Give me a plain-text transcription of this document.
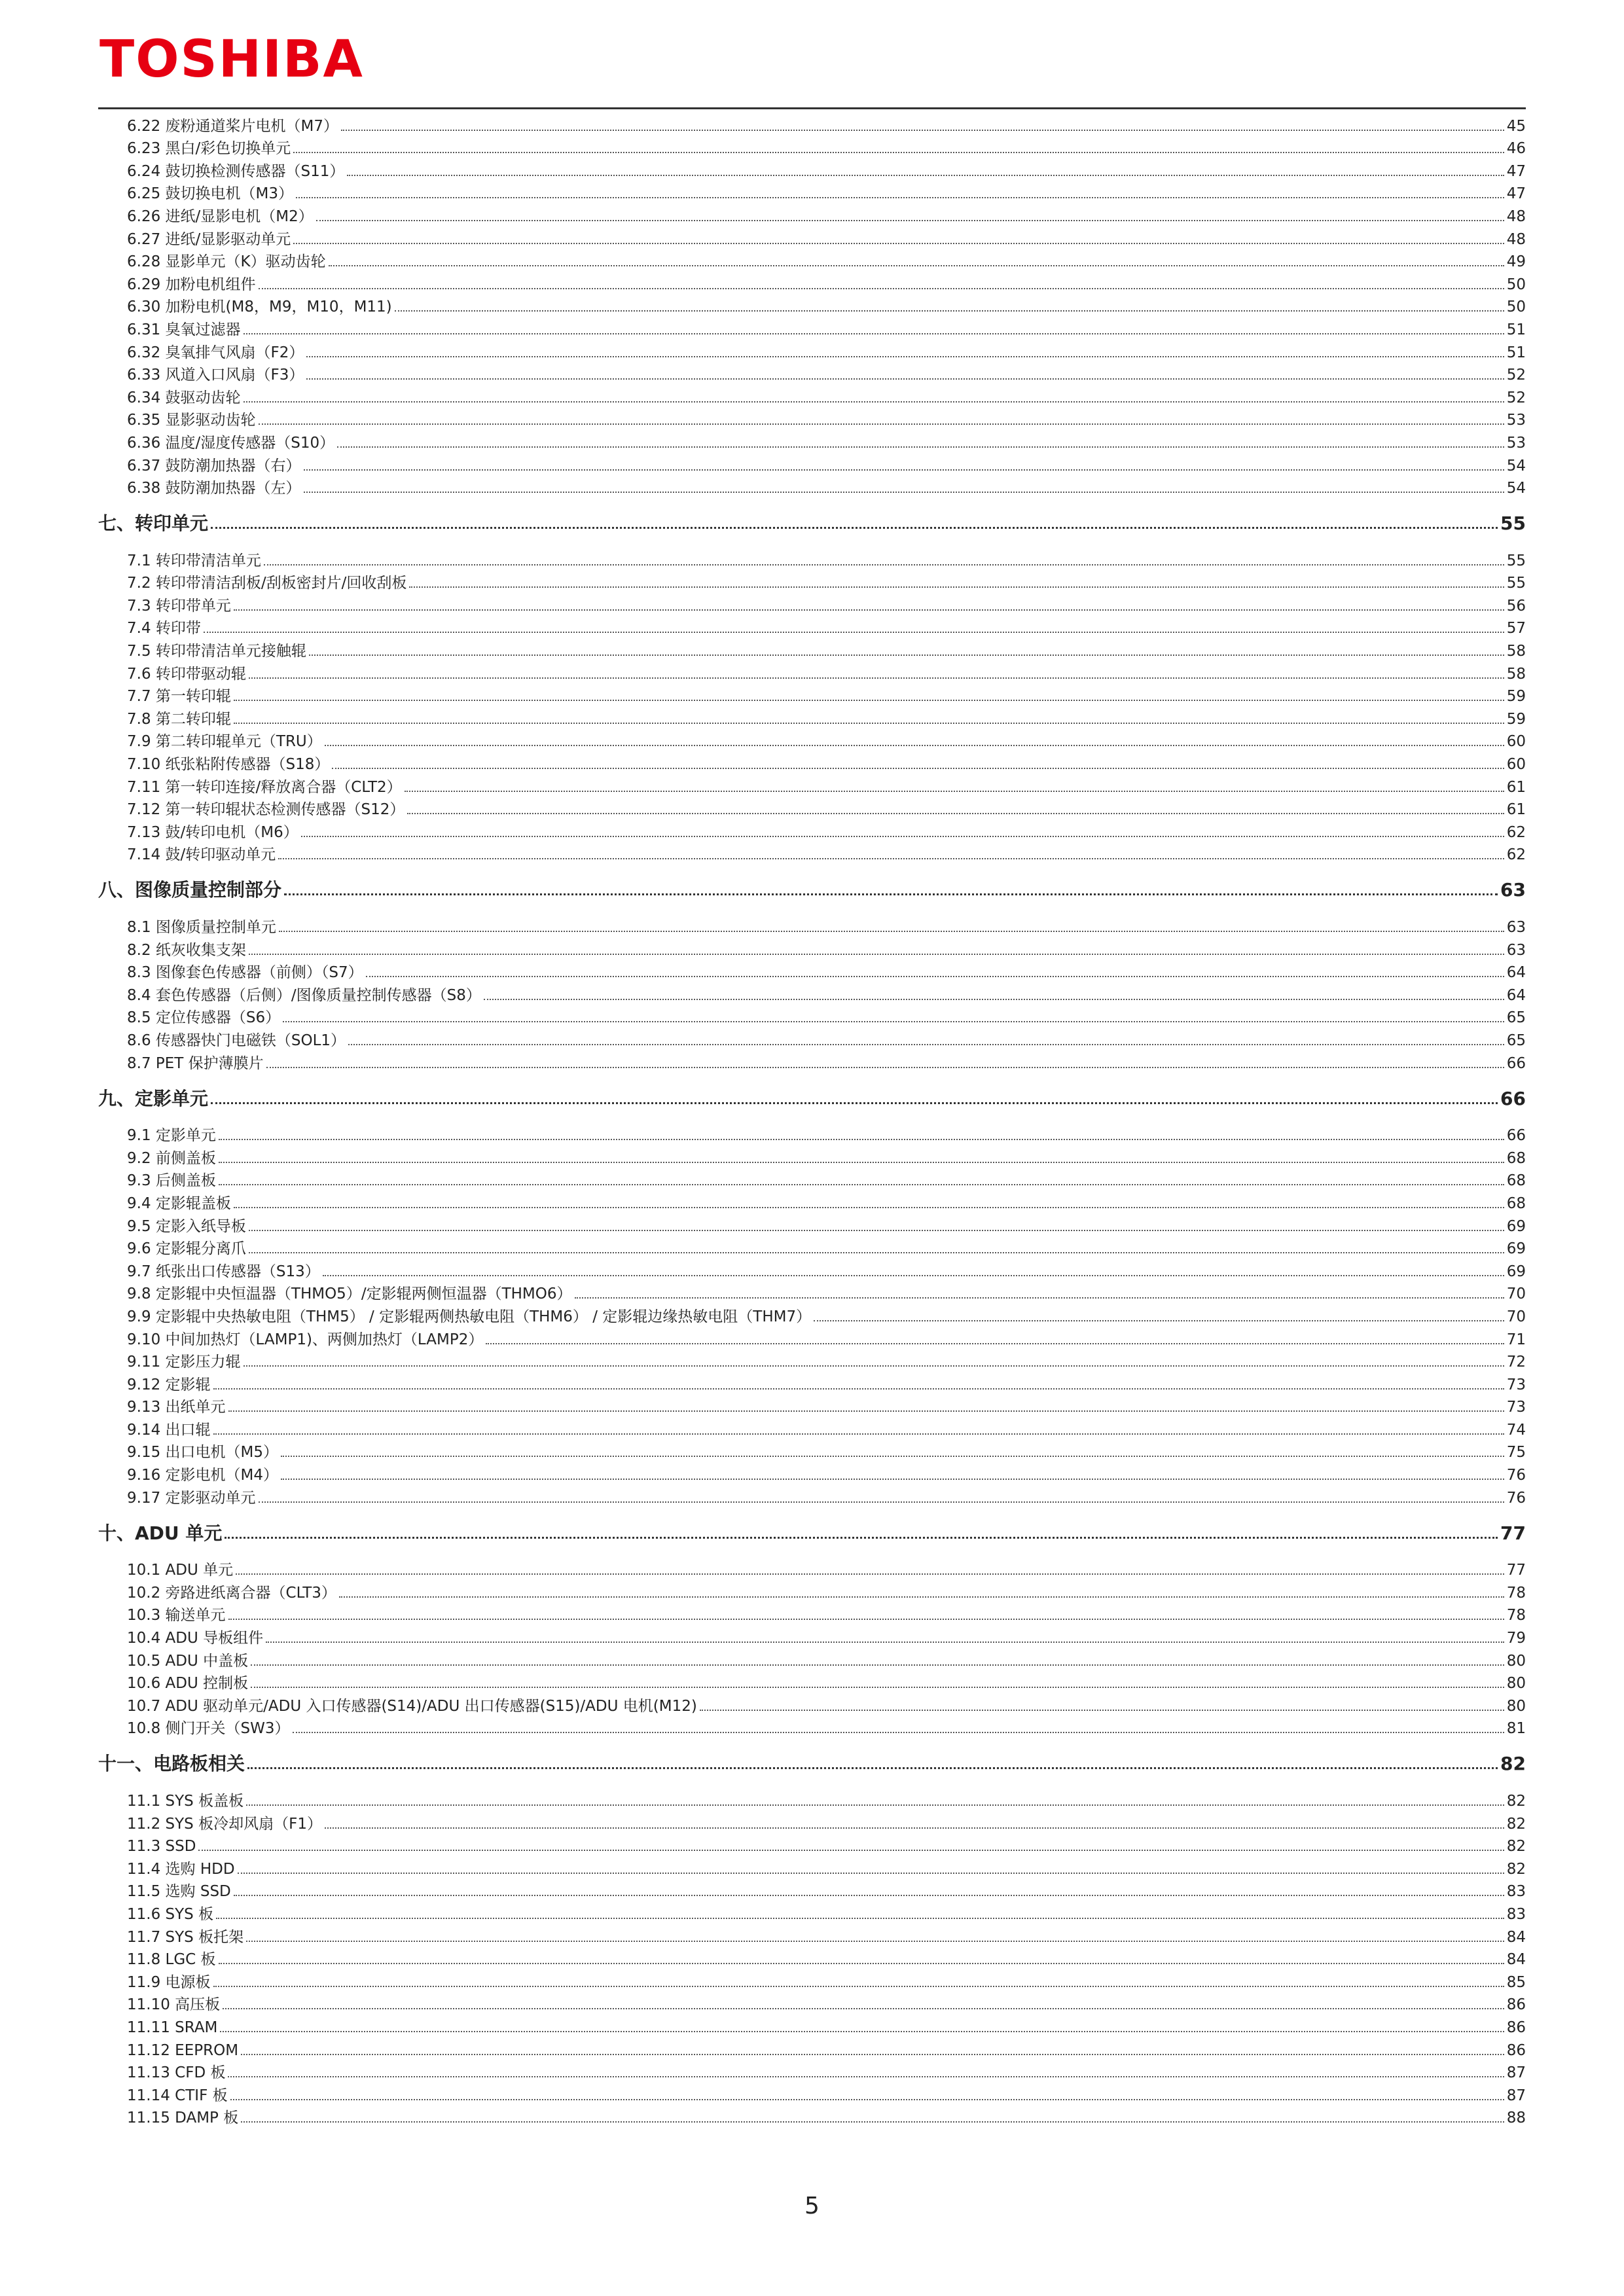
TOSHIBA
6.22 废粉通道桨片电机（M7）	45
6.23 黑白/彩色切换单元	46
6.24 鼓切换检测传感器（S11）	47
6.25 鼓切换电机（M3）	47
6.26 进纸/显影电机（M2）	48
6.27 进纸/显影驱动单元	48
6.28 显影单元（K）驱动齿轮	49
6.29 加粉电机组件	50
6.30 加粉电机(M8，M9，M10，M11)	50
6.31 臭氧过滤器	51
6.32 臭氧排气风扇（F2）	51
6.33 风道入口风扇（F3）	52
6.34 鼓驱动齿轮	52
6.35 显影驱动齿轮	53
6.36 温度/湿度传感器（S10）	53
6.37 鼓防潮加热器（右）	54
6.38 鼓防潮加热器（左）	54
七、转印单元	55
7.1 转印带清洁单元	55
7.2 转印带清洁刮板/刮板密封片/回收刮板	55
7.3 转印带单元	56
7.4 转印带	57
7.5 转印带清洁单元接触辊	58
7.6 转印带驱动辊	58
7.7 第一转印辊	59
7.8 第二转印辊	59
7.9 第二转印辊单元（TRU）	60
7.10 纸张粘附传感器（S18）	60
7.11 第一转印连接/释放离合器（CLT2）	61
7.12 第一转印辊状态检测传感器（S12）	61
7.13 鼓/转印电机（M6）	62
7.14 鼓/转印驱动单元	62
八、图像质量控制部分	63
8.1 图像质量控制单元	63
8.2 纸灰收集支架	63
8.3 图像套色传感器（前侧）（S7）	64
8.4 套色传感器（后侧）/图像质量控制传感器（S8）	64
8.5 定位传感器（S6）	65
8.6 传感器快门电磁铁（SOL1）	65
8.7 PET 保护薄膜片	66
九、定影单元	66
9.1 定影单元	66
9.2 前侧盖板	68
9.3 后侧盖板	68
9.4 定影辊盖板	68
9.5 定影入纸导板	69
9.6 定影辊分离爪	69
9.7 纸张出口传感器（S13）	69
9.8 定影辊中央恒温器（THMO5）/定影辊两侧恒温器（THMO6）	70
9.9 定影辊中央热敏电阻（THM5） / 定影辊两侧热敏电阻（THM6） / 定影辊边缘热敏电阻（THM7）	70
9.10 中间加热灯（LAMP1)、两侧加热灯（LAMP2）	71
9.11 定影压力辊	72
9.12 定影辊	73
9.13 出纸单元	73
9.14 出口辊	74
9.15 出口电机（M5）	75
9.16 定影电机（M4）	76
9.17 定影驱动单元	76
十、ADU 单元	77
10.1 ADU 单元	77
10.2 旁路进纸离合器（CLT3）	78
10.3 输送单元	78
10.4 ADU 导板组件	79
10.5 ADU 中盖板	80
10.6 ADU 控制板	80
10.7 ADU 驱动单元/ADU 入口传感器(S14)/ADU 出口传感器(S15)/ADU 电机(M12)	80
10.8 侧门开关（SW3）	81
十一、电路板相关	82
11.1 SYS 板盖板	82
11.2 SYS 板冷却风扇（F1）	82
11.3 SSD	82
11.4 选购 HDD	82
11.5 选购 SSD	83
11.6 SYS 板	83
11.7 SYS 板托架	84
11.8 LGC 板	84
11.9 电源板	85
11.10 高压板	86
11.11 SRAM	86
11.12 EEPROM	86
11.13 CFD 板	87
11.14 CTIF 板	87
11.15 DAMP 板	88
5
